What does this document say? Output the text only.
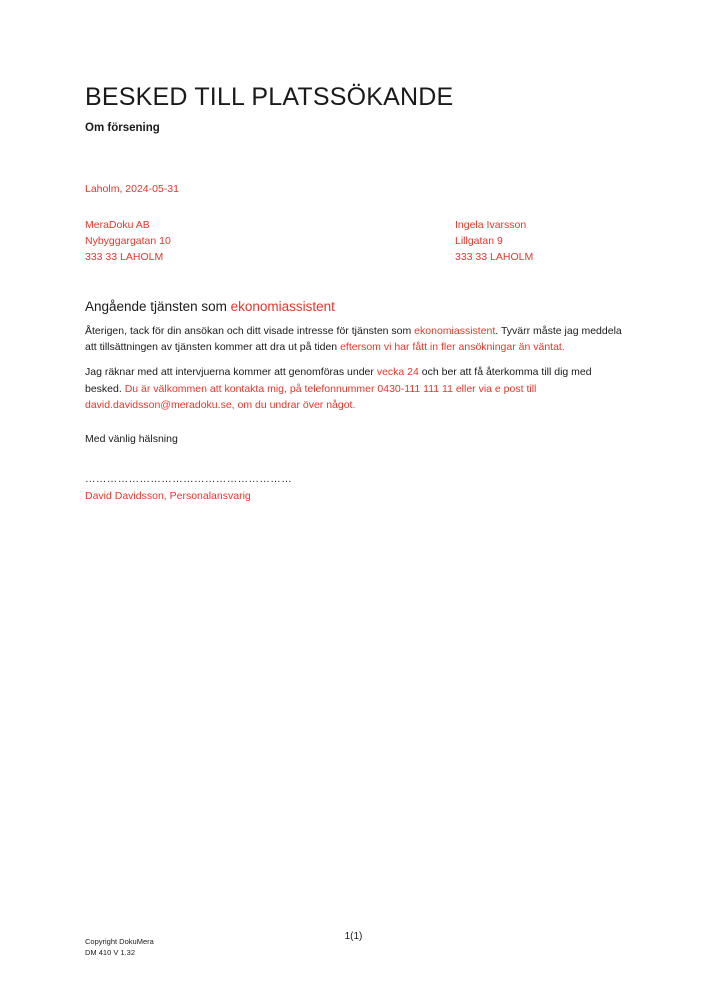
BESKED TILL PLATSSÖKANDE
Om försening
Laholm, 2024-05-31
MeraDoku AB
Nybyggargatan 10
333 33 LAHOLM
Ingela Ivarsson
Lillgatan 9
333 33 LAHOLM
Angående tjänsten som ekonomiassistent

Återigen, tack för din ansökan och ditt visade intresse för tjänsten som ekonomiassistent. Tyvärr måste jag meddela att tillsättningen av tjänsten kommer att dra ut på tiden eftersom vi har fått in fler ansökningar än väntat.

Jag räknar med att intervjuerna kommer att genomföras under vecka 24 och ber att få återkomma till dig med besked. Du är välkommen att kontakta mig, på telefonnummer 0430-111 111 11 eller via e post till david.davidsson@meradoku.se, om du undrar över något.

Med vänlig hälsning

…………………………………………………
David Davidsson, Personalansvarig
Copyright DokuMera
DM 410 V 1.32
1(1)
